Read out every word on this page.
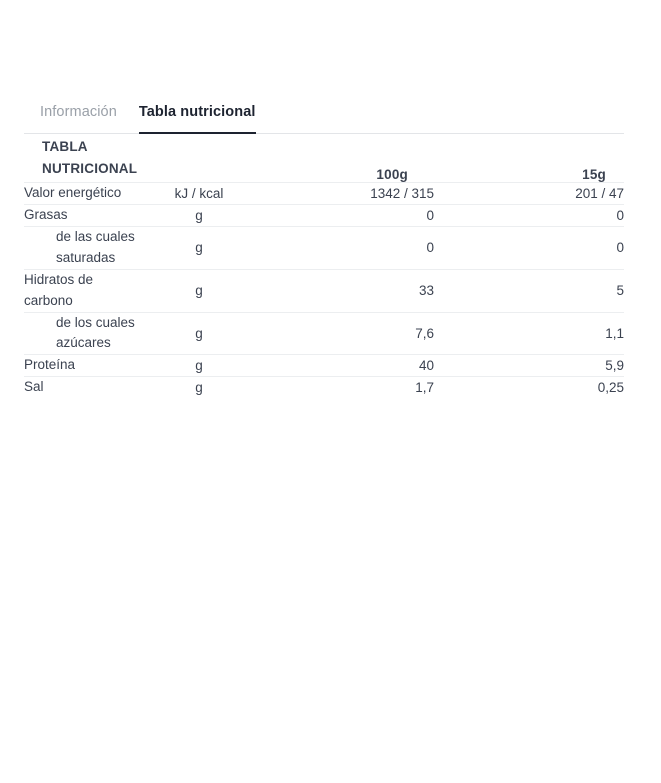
Información Tabla nutricional
TABLA NUTRICIONAL		100g	15g
Valor energético	kJ / kcal	1342 / 315	201 / 47
Grasas	g	0	0
de las cuales saturadas	g	0	0
Hidratos de carbono	g	33	5
de los cuales azúcares	g	7,6	1,1
Proteína	g	40	5,9
Sal	g	1,7	0,25
